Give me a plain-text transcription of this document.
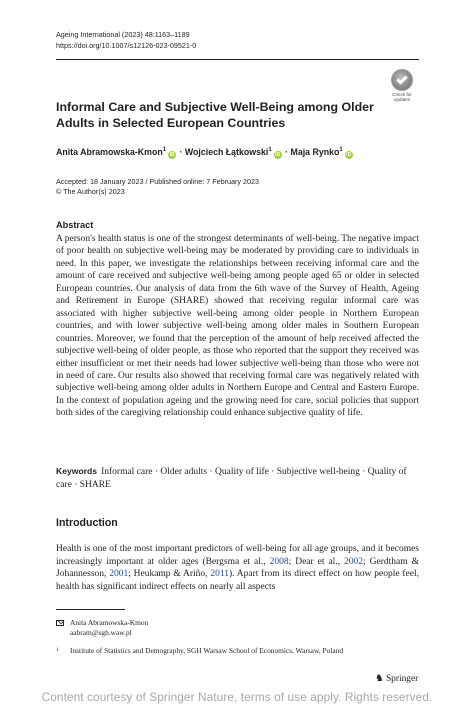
Ageing International (2023) 48:1163–1189
https://doi.org/10.1007/s12126-023-09521-0
Check for
updates
Informal Care and Subjective Well‑Being among Older Adults in Selected European Countries
Anita Abramowska‑Kmon$^1$iD · Wojciech Łątkowski$^1$iD · Maja Rynko$^1$iD
Accepted: 18 January 2023 / Published online: 7 February 2023
© The Author(s) 2023
Abstract
A person's health status is one of the strongest determinants of well-being. The negative impact of poor health on subjective well-being may be moderated by providing care to individuals in need. In this paper, we investigate the relationships between receiving informal care and the amount of care received and subjective well-being among people aged 65 or older in selected European countries. Our analysis of data from the 6th wave of the Survey of Health, Ageing and Retirement in Europe (SHARE) showed that receiving regular informal care was associated with higher subjective well-being among older people in Northern European countries, and with lower subjective well-being among older males in Southern European countries. Moreover, we found that the perception of the amount of help received affected the subjective well-being of older people, as those who reported that the support they received was either insufficient or met their needs had lower subjective well-being than those who were not in need of care. Our results also showed that receiving formal care was negatively related with subjective well-being among older adults in Northern Europe and Central and Eastern Europe. In the context of population ageing and the growing need for care, social policies that support both sides of the caregiving relationship could enhance subjective quality of life.
Keywords Informal care · Older adults · Quality of life · Subjective well-being · Quality of care · SHARE
Introduction
Health is one of the most important predictors of well-being for all age groups, and it becomes increasingly important at older ages (Bergsma et al., 2008; Dear et al., 2002; Gerdtham & Johannesson, 2001; Heukamp & Ariño, 2011). Apart from its direct effect on how people feel, health has significant indirect effects on nearly all aspects
Anita Abramowska‑Kmon
aabram@sgh.waw.pl
1 Institute of Statistics and Demography, SGH Warsaw School of Economics, Warsaw, Poland
♞ Springer
Content courtesy of Springer Nature, terms of use apply. Rights reserved.
